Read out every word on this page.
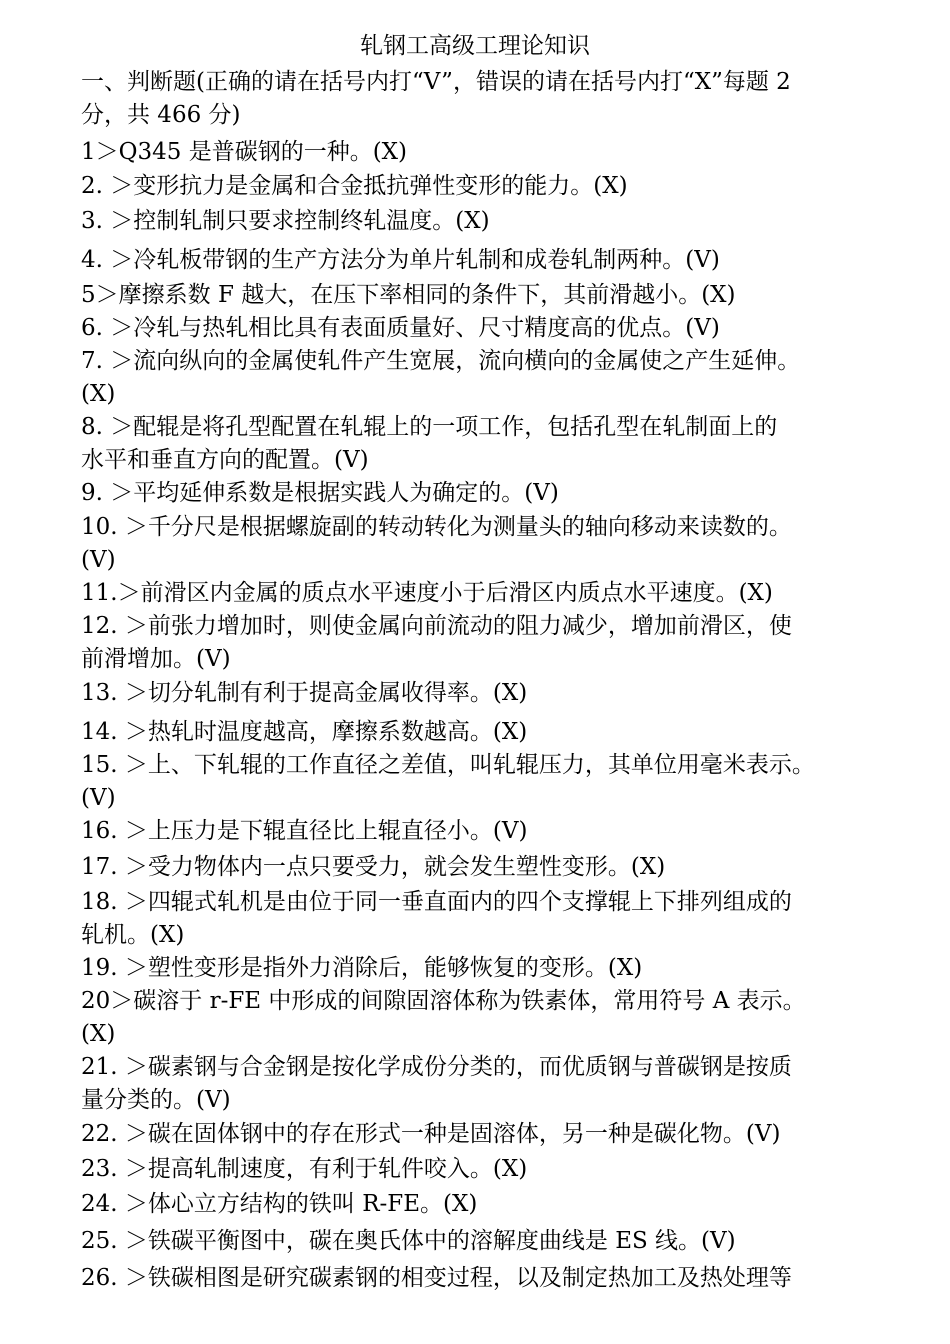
轧钢工高级工理论知识
一、判断题(正确的请在括号内打“V”，错误的请在括号内打“X”每题 2
分，共 466 分)
1＞Q345 是普碳钢的一种。(X)
2. ＞变形抗力是金属和合金抵抗弹性变形的能力。(X)
3. ＞控制轧制只要求控制终轧温度。(X)
4. ＞冷轧板带钢的生产方法分为单片轧制和成卷轧制两种。(V)
5＞摩擦系数 F 越大，在压下率相同的条件下，其前滑越小。(X)
6. ＞冷轧与热轧相比具有表面质量好、尺寸精度高的优点。(V)
7. ＞流向纵向的金属使轧件产生宽展，流向横向的金属使之产生延伸。
(X)
8. ＞配辊是将孔型配置在轧辊上的一项工作，包括孔型在轧制面上的
水平和垂直方向的配置。(V)
9. ＞平均延伸系数是根据实践人为确定的。(V)
10. ＞千分尺是根据螺旋副的转动转化为测量头的轴向移动来读数的。
(V)
11.＞前滑区内金属的质点水平速度小于后滑区内质点水平速度。(X)
12. ＞前张力增加时，则使金属向前流动的阻力减少，增加前滑区，使
前滑增加。(V)
13. ＞切分轧制有利于提高金属收得率。(X)
14. ＞热轧时温度越高，摩擦系数越高。(X)
15. ＞上、下轧辊的工作直径之差值，叫轧辊压力，其单位用毫米表示。
(V)
16. ＞上压力是下辊直径比上辊直径小。(V)
17. ＞受力物体内一点只要受力，就会发生塑性变形。(X)
18. ＞四辊式轧机是由位于同一垂直面内的四个支撑辊上下排列组成的
轧机。(X)
19. ＞塑性变形是指外力消除后，能够恢复的变形。(X)
20＞碳溶于 r-FE 中形成的间隙固溶体称为铁素体，常用符号 A 表示。
(X)
21. ＞碳素钢与合金钢是按化学成份分类的，而优质钢与普碳钢是按质
量分类的。(V)
22. ＞碳在固体钢中的存在形式一种是固溶体，另一种是碳化物。(V)
23. ＞提高轧制速度，有利于轧件咬入。(X)
24. ＞体心立方结构的铁叫 R-FE。(X)
25. ＞铁碳平衡图中，碳在奥氏体中的溶解度曲线是 ES 线。(V)
26. ＞铁碳相图是研究碳素钢的相变过程，以及制定热加工及热处理等
